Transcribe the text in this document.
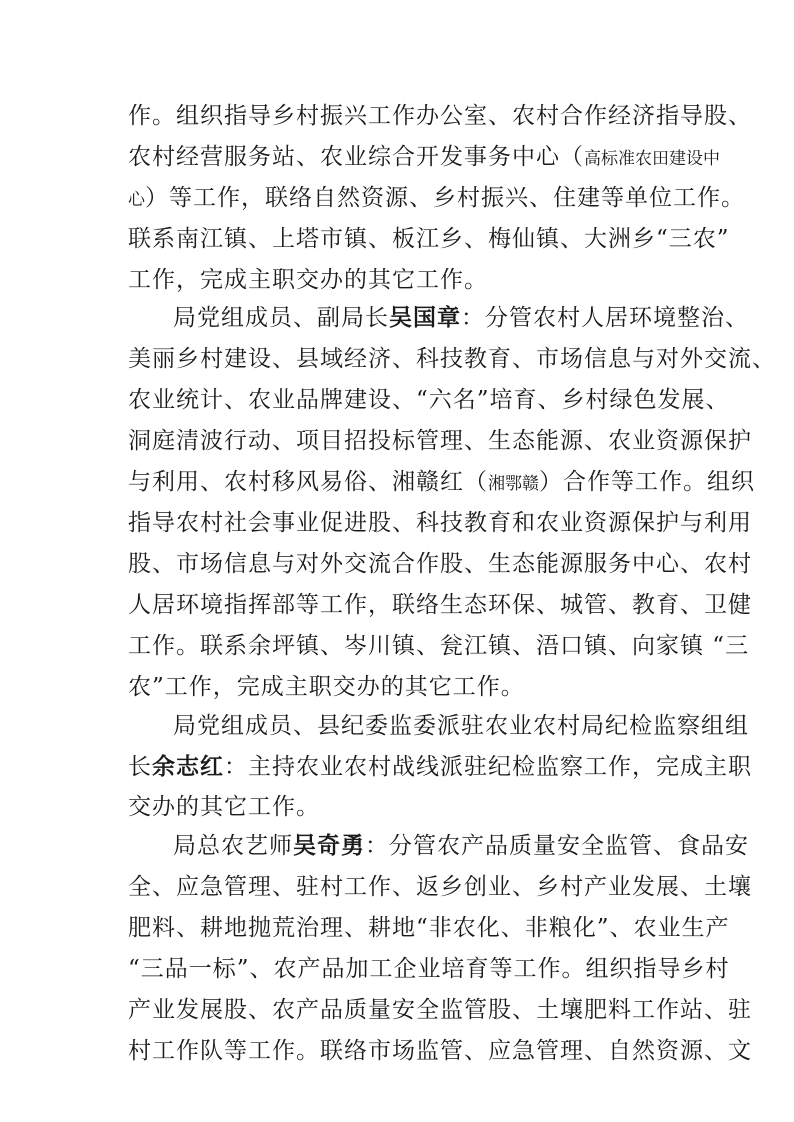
作。组织指导乡村振兴工作办公室、农村合作经济指导股、
农村经营服务站、农业综合开发事务中心（高标准农田建设中
心）等工作，联络自然资源、乡村振兴、住建等单位工作。
联系南江镇、上塔市镇、板江乡、梅仙镇、大洲乡“三农”
工作，完成主职交办的其它工作。
局党组成员、副局长吴国章：分管农村人居环境整治、
美丽乡村建设、县域经济、科技教育、市场信息与对外交流、
农业统计、农业品牌建设、“六名”培育、乡村绿色发展、
洞庭清波行动、项目招投标管理、生态能源、农业资源保护
与利用、农村移风易俗、湘赣红（湘鄂赣）合作等工作。组织
指导农村社会事业促进股、科技教育和农业资源保护与利用
股、市场信息与对外交流合作股、生态能源服务中心、农村
人居环境指挥部等工作，联络生态环保、城管、教育、卫健
工作。联系余坪镇、岑川镇、瓮江镇、浯口镇、向家镇 “三
农”工作，完成主职交办的其它工作。
局党组成员、县纪委监委派驻农业农村局纪检监察组组
长余志红：主持农业农村战线派驻纪检监察工作，完成主职
交办的其它工作。
局总农艺师吴奇勇：分管农产品质量安全监管、食品安
全、应急管理、驻村工作、返乡创业、乡村产业发展、土壤
肥料、耕地抛荒治理、耕地“非农化、非粮化”、农业生产
“三品一标”、农产品加工企业培育等工作。组织指导乡村
产业发展股、农产品质量安全监管股、土壤肥料工作站、驻
村工作队等工作。联络市场监管、应急管理、自然资源、文
